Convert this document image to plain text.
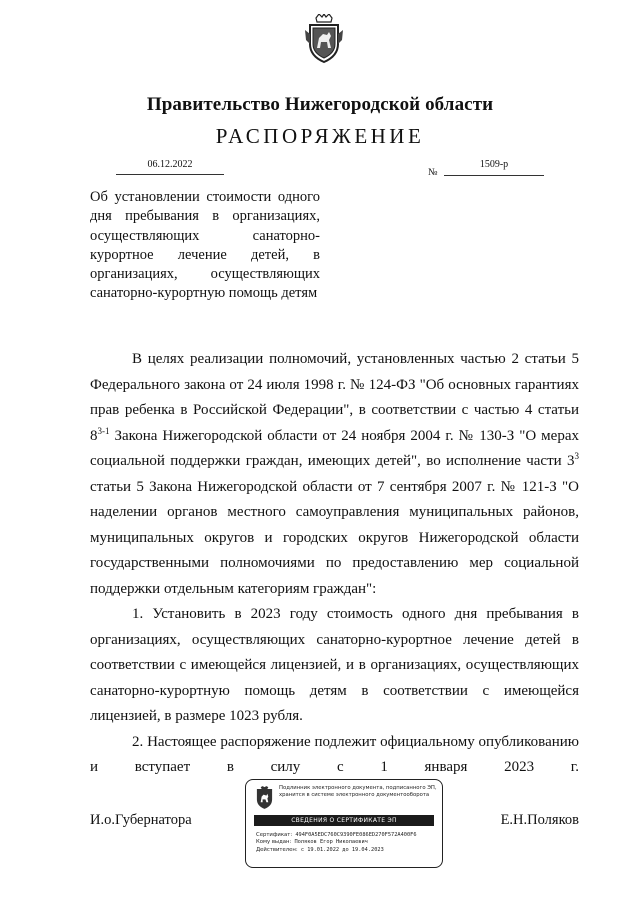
Правительство Нижегородской области
РАСПОРЯЖЕНИЕ
06.12.2022
№
1509-р
Об установлении стоимости одного дня пребывания в организациях, осуществляющих санаторно-курортное лечение детей, в организациях, осуществляющих санаторно-курортную помощь детям

В целях реализации полномочий, установленных частью 2 статьи 5 Федерального закона от 24 июля 1998 г. № 124-ФЗ "Об основных гарантиях прав ребенка в Российской Федерации", в соответствии с частью 4 статьи 8$^{3-1}$ Закона Нижегородской области от 24 ноября 2004 г. № 130-З "О мерах социальной поддержки граждан, имеющих детей", во исполнение части $3^3$ статьи 5 Закона Нижегородской области от 7 сентября 2007 г. № 121-З "О наделении органов местного самоуправления муниципальных районов, муниципальных округов и городских округов Нижегородской области государственными полномочиями по предоставлению мер социальной поддержки отдельным категориям граждан":

1. Установить в 2023 году стоимость одного дня пребывания в организациях, осуществляющих санаторно-курортное лечение детей в соответствии с имеющейся лицензией, и в организациях, осуществляющих санаторно-курортную помощь детям в соответствии с имеющейся лицензией, в размере 1023 рубля.

2. Настоящее распоряжение подлежит официальному опубликованию и вступает в силу с 1 января 2023 г.

И.о.Губернатора	Е.Н.Поляков
Подлинник электронного документа, подписанного ЭП,
хранится в системе электронного документооборота
СВЕДЕНИЯ О СЕРТИФИКАТЕ ЭП
Сертификат: 494F0A5EDC760C9390FE086ED270F572A400F6
Кому выдан: Поляков Егор Николаевич
Действителен: с 19.01.2022 до 19.04.2023
